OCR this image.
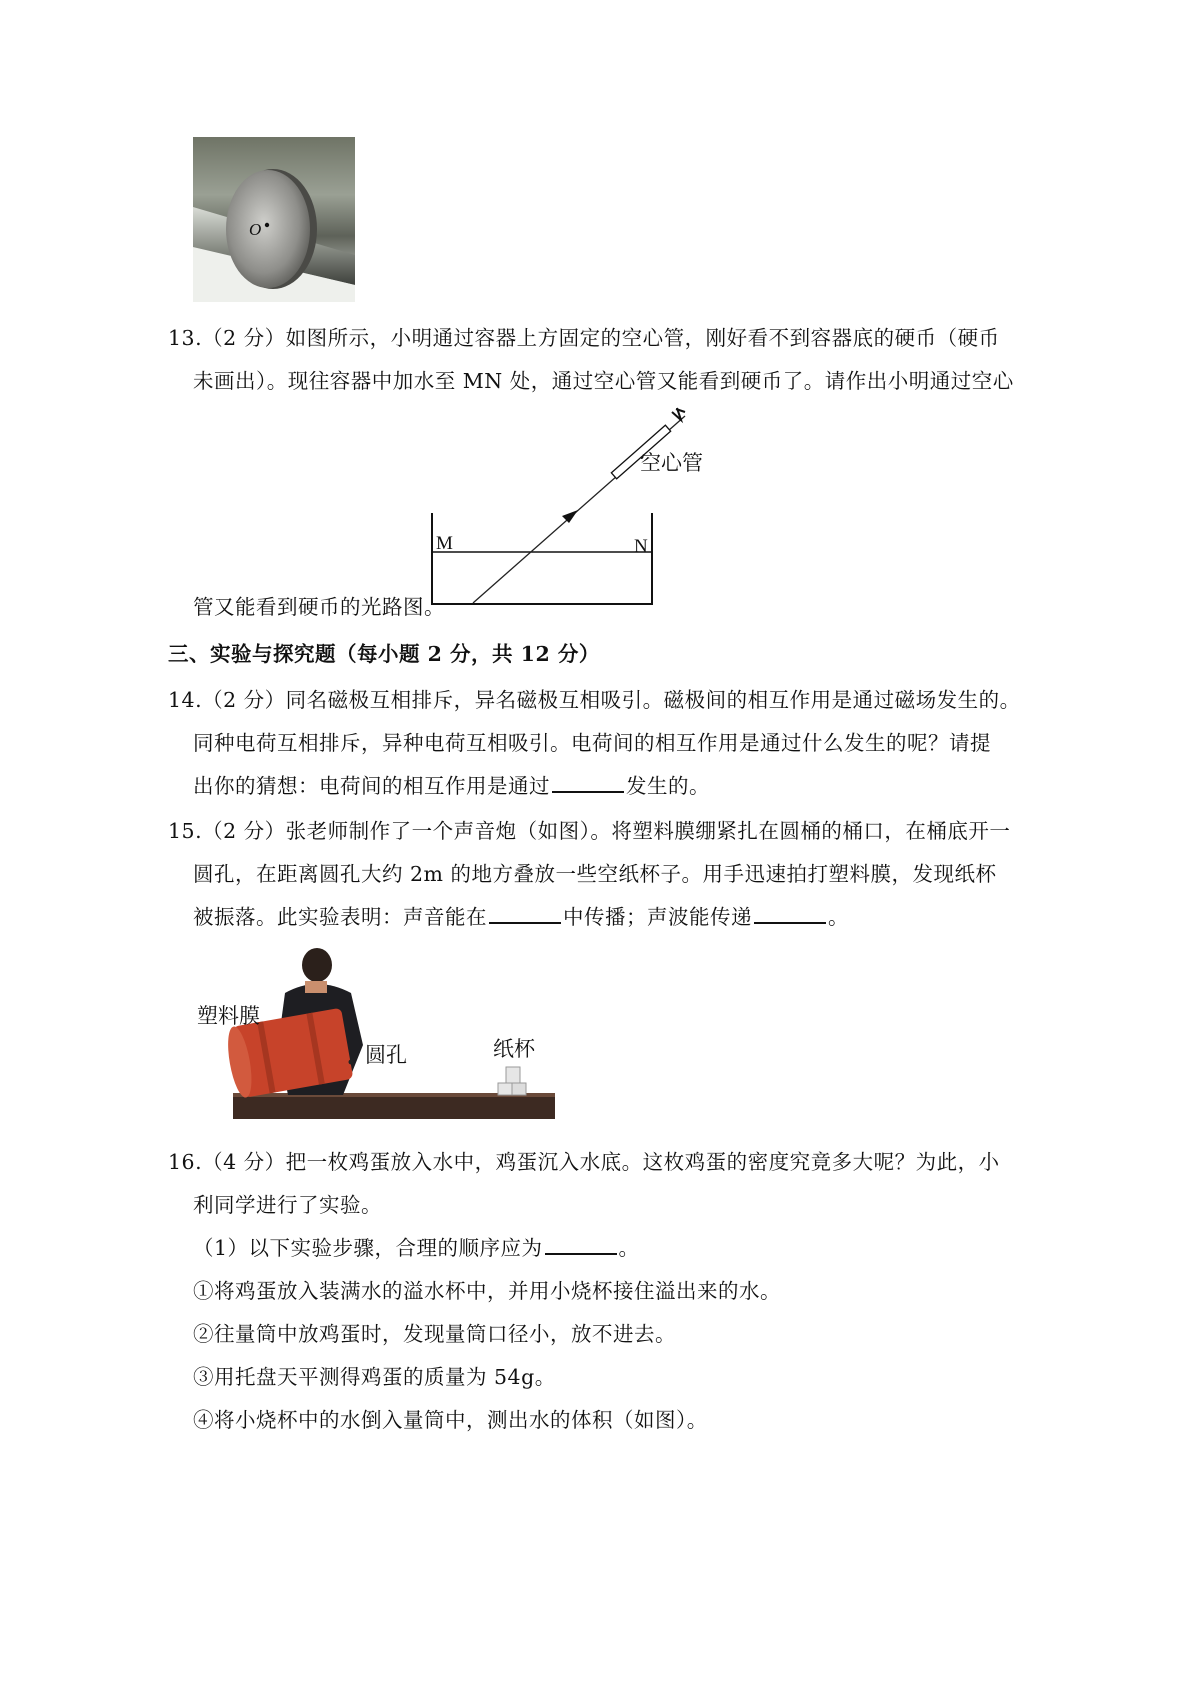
O
13.（2 分）如图所示，小明通过容器上方固定的空心管，刚好看不到容器底的硬币（硬币
未画出）。现往容器中加水至 MN 处，通过空心管又能看到硬币了。请作出小明通过空心
管又能看到硬币的光路图。
M	N
空心管
三、实验与探究题（每小题 2 分，共 12 分）
14.（2 分）同名磁极互相排斥，异名磁极互相吸引。磁极间的相互作用是通过磁场发生的。
同种电荷互相排斥，异种电荷互相吸引。电荷间的相互作用是通过什么发生的呢？请提
出你的猜想：电荷间的相互作用是通过	发生的。
15.（2 分）张老师制作了一个声音炮（如图）。将塑料膜绷紧扎在圆桶的桶口，在桶底开一
圆孔，在距离圆孔大约 2m 的地方叠放一些空纸杯子。用手迅速拍打塑料膜，发现纸杯
被振落。此实验表明：声音能在	中传播；声波能传递	。
塑料膜
圆孔	纸杯
16.（4 分）把一枚鸡蛋放入水中，鸡蛋沉入水底。这枚鸡蛋的密度究竟多大呢？为此，小
利同学进行了实验。
（1）以下实验步骤，合理的顺序应为	。
①将鸡蛋放入装满水的溢水杯中，并用小烧杯接住溢出来的水。
②往量筒中放鸡蛋时，发现量筒口径小，放不进去。
③用托盘天平测得鸡蛋的质量为 54g。
④将小烧杯中的水倒入量筒中，测出水的体积（如图）。
